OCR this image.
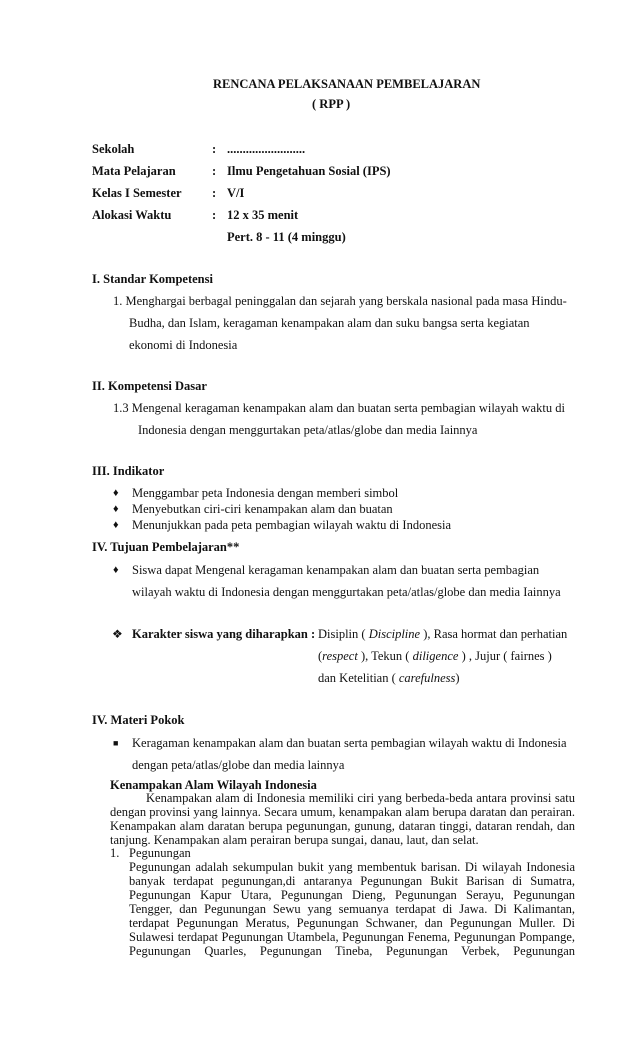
RENCANA PELAKSANAAN PEMBELAJARAN
( RPP )
Sekolah	: .........................
Mata Pelajaran	: Ilmu Pengetahuan Sosial (IPS)
Kelas I Semester : V/I
Alokasi Waktu	: 12 x 35 menit
Pert. 8 - 11 (4 minggu)
I. Standar Kompetensi
1. Menghargai berbagal peninggalan dan sejarah yang berskala nasional pada masa Hindu-
Budha, dan Islam, keragaman kenampakan alam dan suku bangsa serta kegiatan
ekonomi di Indonesia
II. Kompetensi Dasar
1.3 Mengenal keragaman kenampakan alam dan buatan serta pembagian wilayah waktu di
Indonesia dengan menggurtakan peta/atlas/globe dan media Iainnya
III. Indikator
♦ Menggambar peta Indonesia dengan memberi simbol
♦ Menyebutkan ciri-ciri kenampakan alam dan buatan
♦ Menunjukkan pada peta pembagian wilayah waktu di Indonesia
IV. Tujuan Pembelajaran**
♦ Siswa dapat Mengenal keragaman kenampakan alam dan buatan serta pembagian
wilayah waktu di Indonesia dengan menggurtakan peta/atlas/globe dan media Iainnya
❖ Karakter siswa yang diharapkan : Disiplin ( Discipline ), Rasa hormat dan perhatian
(respect ), Tekun ( diligence ) , Jujur ( fairnes )
dan Ketelitian ( carefulness)
IV. Materi Pokok
■ Keragaman kenampakan alam dan buatan serta pembagian wilayah waktu di Indonesia
dengan peta/atlas/globe dan media lainnya
Kenampakan Alam Wilayah Indonesia
Kenampakan alam di Indonesia memiliki ciri yang berbeda-beda antara provinsi satu
dengan provinsi yang lainnya. Secara umum, kenampakan alam berupa daratan dan perairan.
Kenampakan alam daratan berupa pegunungan, gunung, dataran tinggi, dataran rendah, dan
tanjung. Kenampakan alam perairan berupa sungai, danau, laut, dan selat.
1. Pegunungan
Pegunungan adalah sekumpulan bukit yang membentuk barisan. Di wilayah Indonesia
banyak terdapat pegunungan,di antaranya Pegunungan Bukit Barisan di Sumatra,
Pegunungan Kapur Utara, Pegunungan Dieng, Pegunungan Serayu, Pegunungan
Tengger, dan Pegunungan Sewu yang semuanya terdapat di Jawa. Di Kalimantan,
terdapat Pegunungan Meratus, Pegunungan Schwaner, dan Pegunungan Muller. Di
Sulawesi terdapat Pegunungan Utambela, Pegunungan Fenema, Pegunungan Pompange,
Pegunungan Quarles, Pegunungan Tineba, Pegunungan Verbek, Pegunungan
